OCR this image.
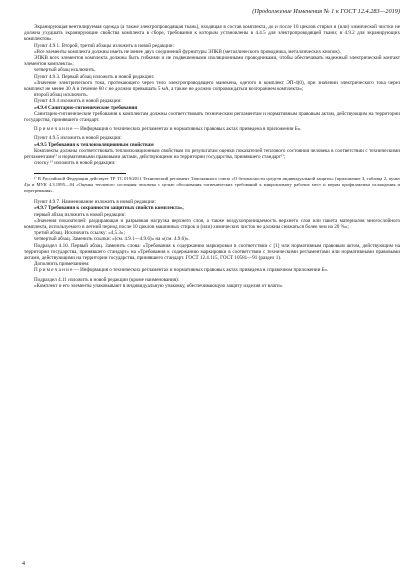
(Продолжение Изменения № 1 к ГОСТ 12.4.283—2019)

Экранирующая вентилируемая одежда (а также электропроводящая ткань), входящая в состав комплекта, до и после 10 циклов стирки и (или) химической чистки не должна ухудшать экранирующие свойства комплекта в сборе, требования к которым установлены в 4.4.5 для электропроводящей ткани; в 4.9.2 для экранирующих комплектов».

Пункт 4.9.1. Второй, третий абзацы изложить в новой редакции:

«Все элементы комплекта должны иметь не менее двух соединений фурнитуры ЭПКВ (металлического проводника, металлических кнопок).

ЭПКВ всех элементов комплекта должны быть гибкими и не подвешенными изоляционными проводниками, чтобы обеспечивать надежный электрический контакт элементов комплекта»;

четвертый абзац исключить.

Пункт 4.9.3. Первый абзац изложить в новой редакции:

«Значение электрического тока, протекающего через тело электропроводящего манекена, одетого в комплект ЭП-4(0), при значении электрического тока через комплект не менее 30 А в течение 60 с не должно превышать 5 мА, а также не должно сопровождаться возгоранием комплекта»;

второй абзац исключить.

Пункт 4.9.4 изложить в новой редакции:

«4.9.4 Санитарно-гигиенические требования

Санитарно-гигиенические требования к комплектам должны соответствовать техническим регламентам и нормативным правовым актам, действующим на территории государства, принявшего стандарт.

П р и м е ч а н и е — Информация о технических регламентах и нормативных правовых актах приведена в приложении Б».

Пункт 4.9.5 изложить в новой редакции:

«4.9.5 Требования к теплоизоляционным свойствам

Комплекты должны соответствовать теплоизоляционным свойствам по результатам оценки показателей теплового состояния человека в соответствии с техническими регламентами¹⁾ и нормативными правовыми актами, действующими на территории государства, принявшего стандарт¹⁾;

сноску ¹⁾ изложить в новой редакции:

¹⁾ В Российской Федерации действует ТР ТС 019/2011 Технический регламент Таможенного союза «О безопасности средств индивидуальной защиты» (приложение 3, таблица 2, пункт 4)а и МУК 4.3.1895—04 «Оценка теплового состояния человека с целью обоснования гигиенических требований к микроклимату рабочих мест и мерам профилактики охлаждения и перегревания».

Пункт 4.9.7. Наименование изложить в новой редакции:

«4.9.7 Требования к сохранности защитных свойств комплекта»,

первый абзац изложить в новой редакции:

«Значения показателей: раздирающая и разрывная нагрузка верхнего слоя, а также воздухопроницаемость верхнего слоя или пакета материалов многослойного комплекта, используемого в летний период после 10 циклов машинных стирок и (или) химических чисток не должны снижаться более чем на 20 %»;

третий абзац. Исключить ссылку: «4.5.3»;

четвертый абзац. Заменить ссылки: «(см. 4.9.1—4.9.6)» на «(см. 4.9.6)».

Подраздел 4.10. Первый абзац. Заменить слова: «Требования к содержанию маркировки в соответствии с [1] или нормативным правовым актом, действующим на территории государства, принявшего стандарт» на «Требования к содержанию маркировки в соответствии с техническими регламентами или нормативными правовыми актами, действующими на территории государства, принявшего стандарт. ГОСТ 12.4.115, ГОСТ 10581—91 (раздел 1).

Дополнить примечанием:

П р и м е ч а н и е — Информация о технических регламентах и нормативных правовых актах приведена в справочном приложении Б».

Подраздел 4.11 изложить в новой редакции (кроме наименования):

«Комплект и его элементы упаковывают в индивидуальную упаковку, обеспечивающую защиту изделия от влаги».

4
